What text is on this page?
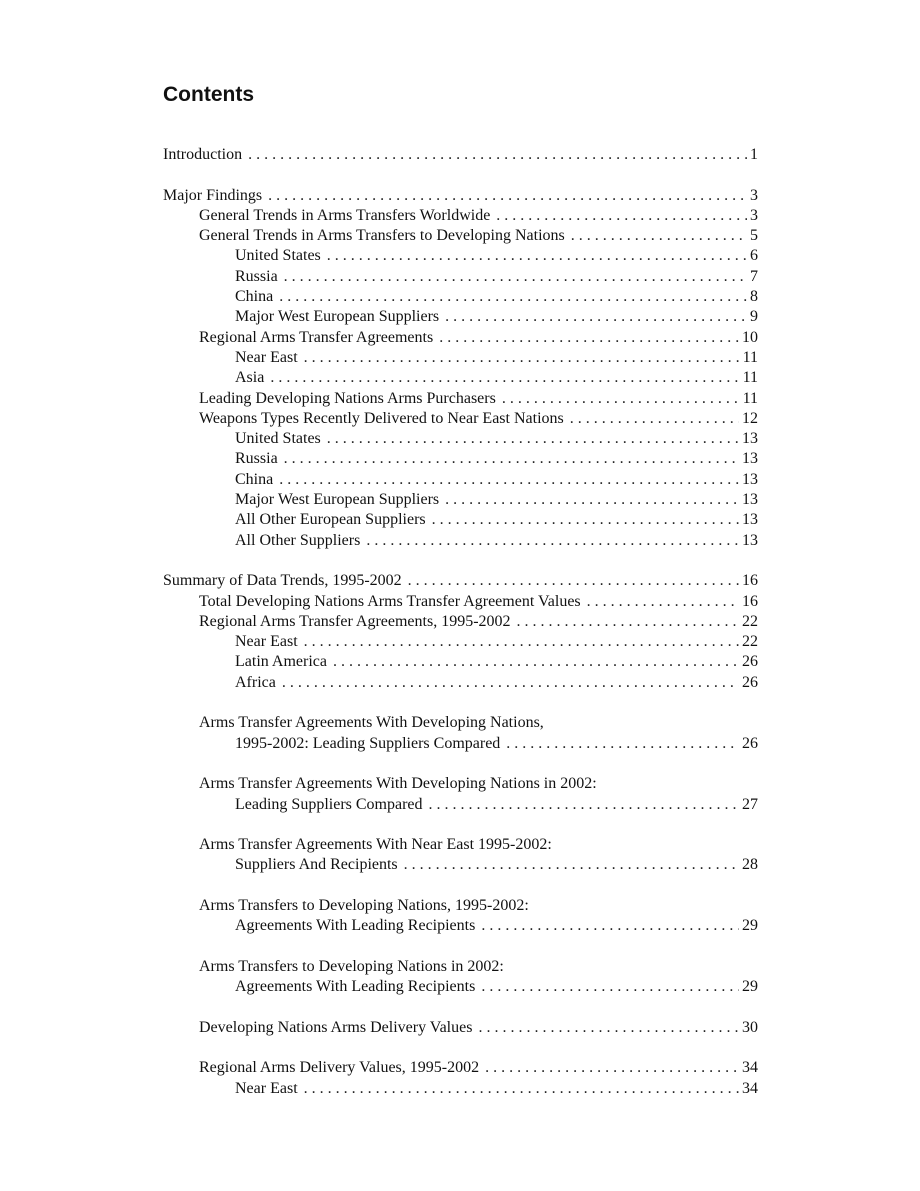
Contents
Introduction . . .	1
Major Findings . . .	3
General Trends in Arms Transfers Worldwide . . .	3
General Trends in Arms Transfers to Developing Nations . . .	5
United States . . .	6
Russia . . .	7
China . . .	8
Major West European Suppliers . . .	9
Regional Arms Transfer Agreements . . .	10
Near East . . .	11
Asia . . .	11
Leading Developing Nations Arms Purchasers . . .	11
Weapons Types Recently Delivered to Near East Nations . . .	12
United States . . .	13
Russia . . .	13
China . . .	13
Major West European Suppliers . . .	13
All Other European Suppliers . . .	13
All Other Suppliers . . .	13
Summary of Data Trends, 1995-2002 . . .	16
Total Developing Nations Arms Transfer Agreement Values . . .	16
Regional Arms Transfer Agreements, 1995-2002 . . .	22
Near East . . .	22
Latin America . . .	26
Africa . . .	26
Arms Transfer Agreements With Developing Nations,
1995-2002: Leading Suppliers Compared . . .	26
Arms Transfer Agreements With Developing Nations in 2002:
Leading Suppliers Compared . . .	27
Arms Transfer Agreements With Near East 1995-2002:
Suppliers And Recipients . . .	28
Arms Transfers to Developing Nations, 1995-2002:
Agreements With Leading Recipients . . .	29
Arms Transfers to Developing Nations in 2002:
Agreements With Leading Recipients . . .	29
Developing Nations Arms Delivery Values . . .	30
Regional Arms Delivery Values, 1995-2002 . . .	34
Near East . . .	34
